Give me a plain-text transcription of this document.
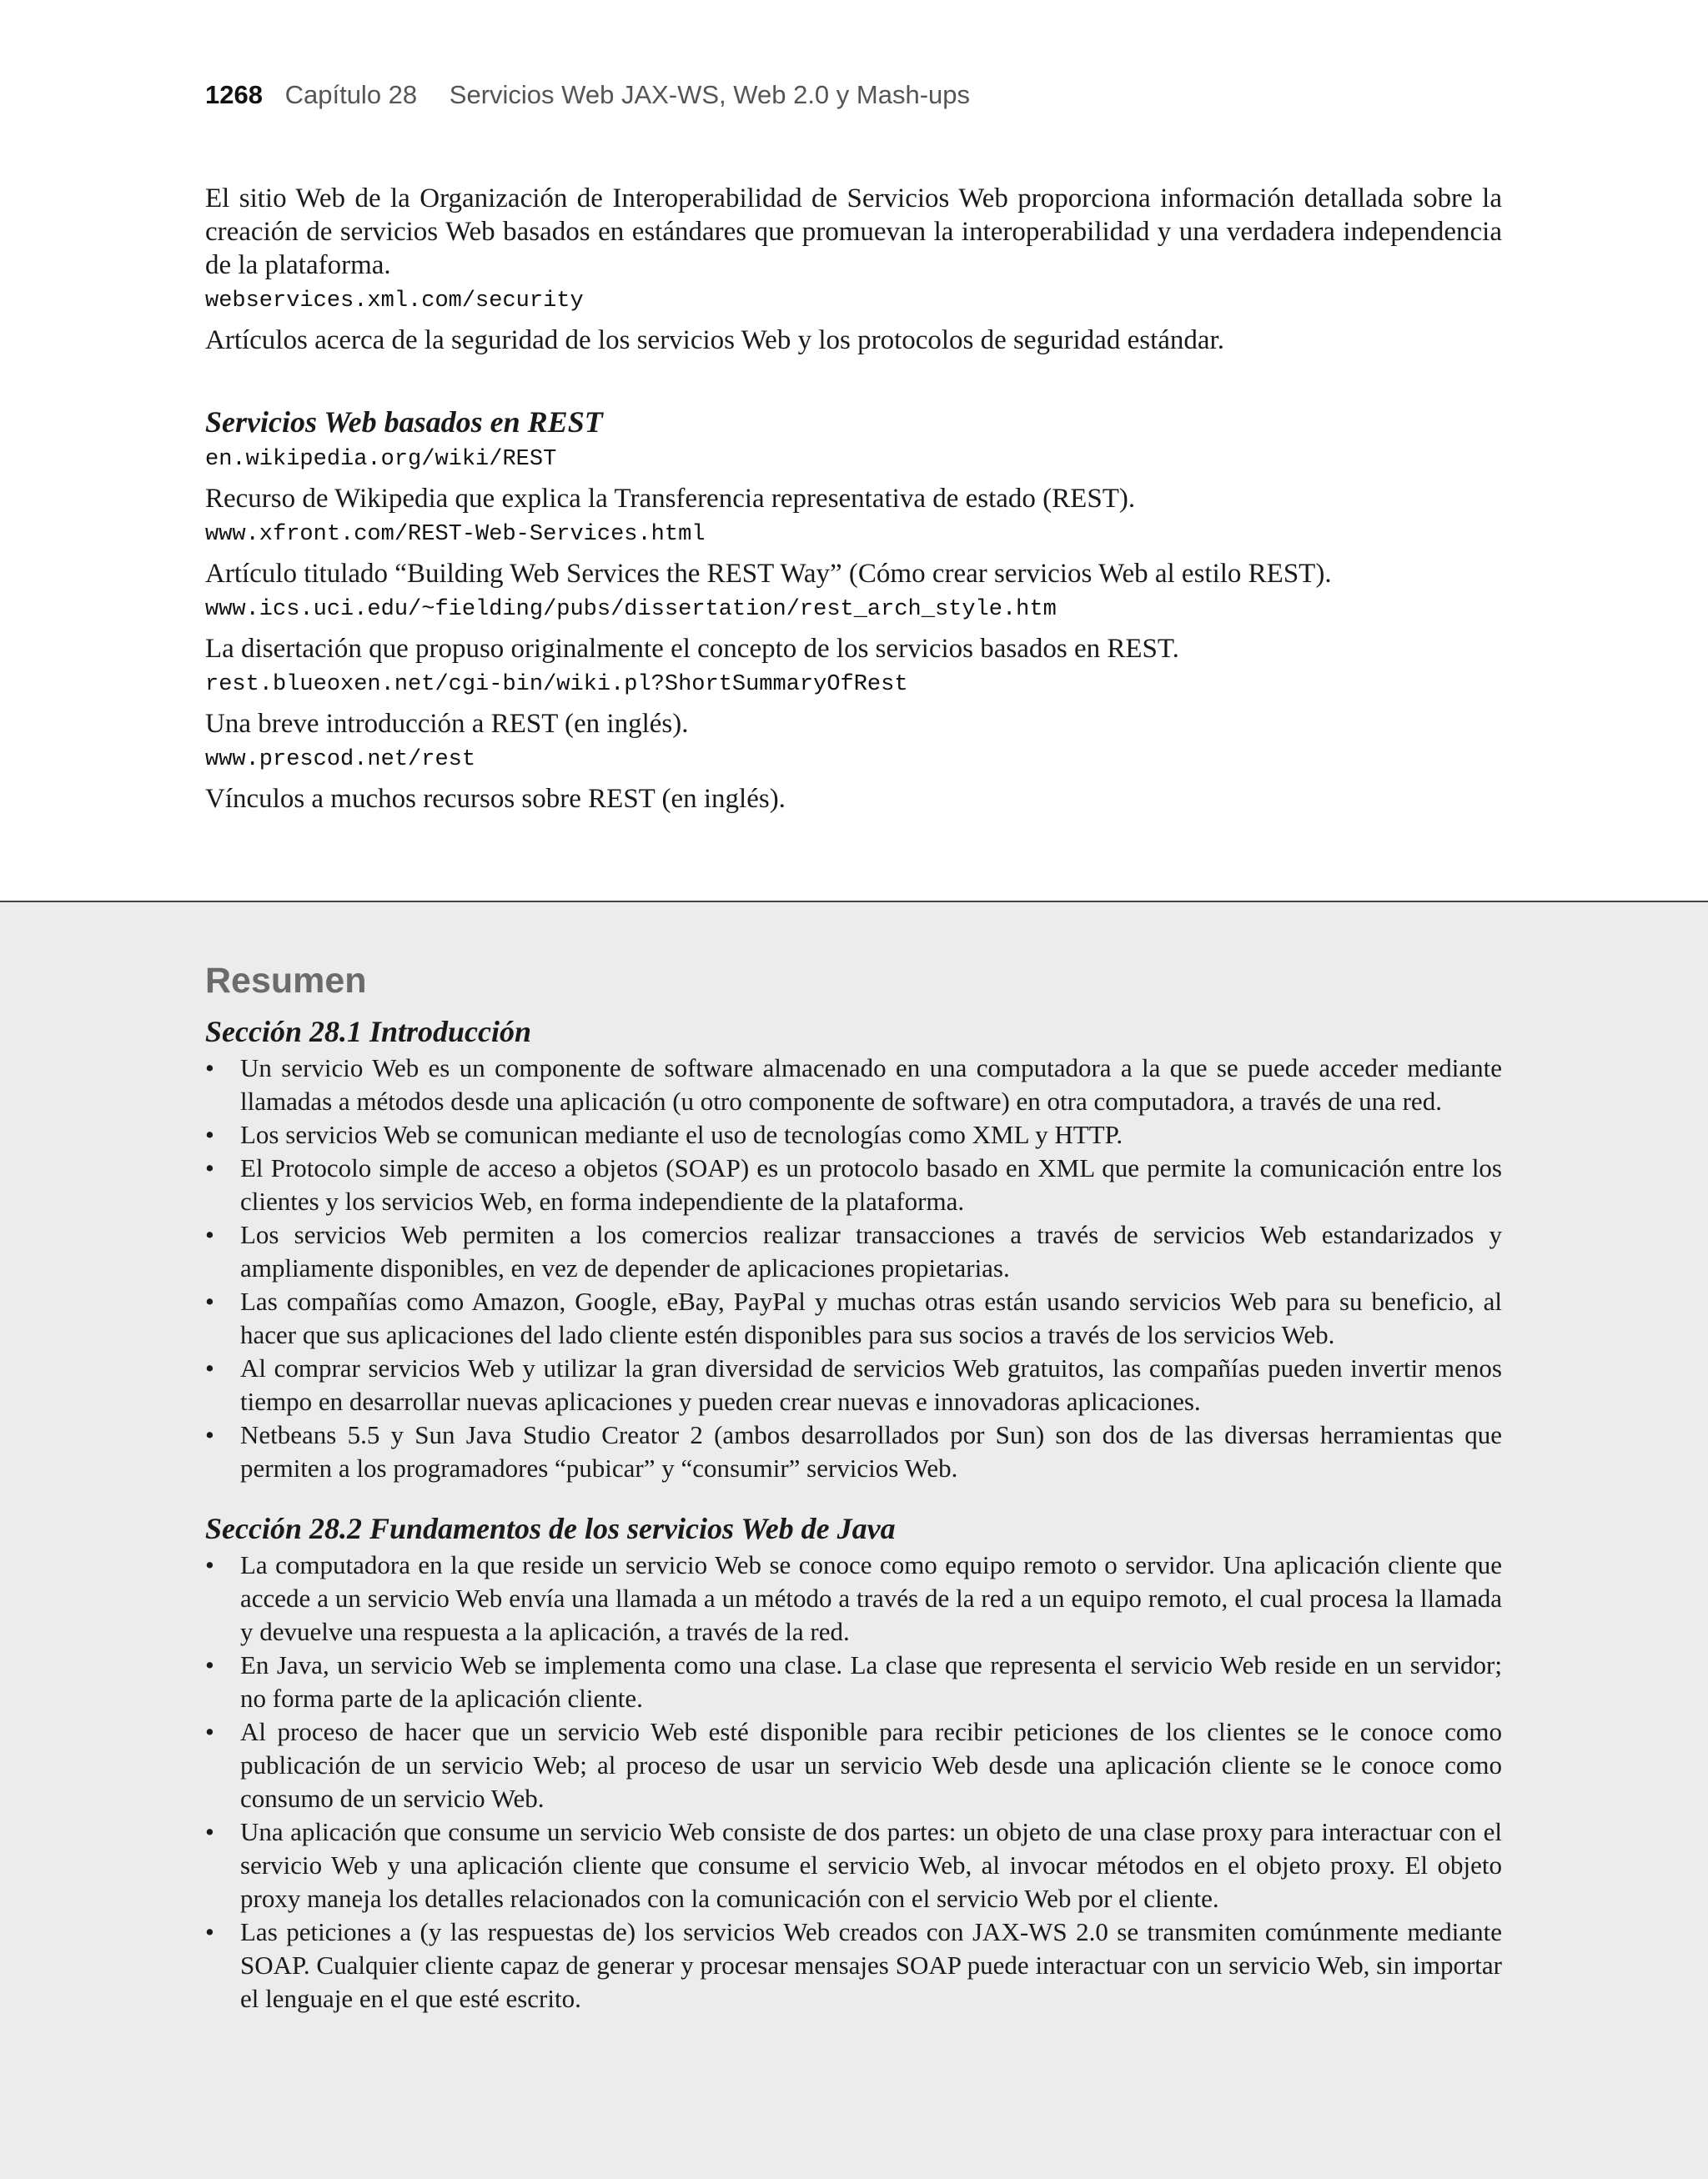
1268 Capítulo 28 Servicios Web JAX-WS, Web 2.0 y Mash-ups

El sitio Web de la Organización de Interoperabilidad de Servicios Web proporciona información detallada sobre la creación de servicios Web basados en estándares que promuevan la interoperabilidad y una verdadera independencia de la plataforma.

webservices.xml.com/security

Artículos acerca de la seguridad de los servicios Web y los protocolos de seguridad estándar.

Servicios Web basados en REST
en.wikipedia.org/wiki/REST

Recurso de Wikipedia que explica la Transferencia representativa de estado (REST).

www.xfront.com/REST-Web-Services.html

Artículo titulado “Building Web Services the REST Way” (Cómo crear servicios Web al estilo REST).

www.ics.uci.edu/~fielding/pubs/dissertation/rest_arch_style.htm

La disertación que propuso originalmente el concepto de los servicios basados en REST.

rest.blueoxen.net/cgi-bin/wiki.pl?ShortSummaryOfRest

Una breve introducción a REST (en inglés).

www.prescod.net/rest

Vínculos a muchos recursos sobre REST (en inglés).

Resumen
Sección 28.1 Introducción
• Un servicio Web es un componente de software almacenado en una computadora a la que se puede acceder mediante llamadas a métodos desde una aplicación (u otro componente de software) en otra computadora, a través de una red.
• Los servicios Web se comunican mediante el uso de tecnologías como XML y HTTP.
• El Protocolo simple de acceso a objetos (SOAP) es un protocolo basado en XML que permite la comunicación entre los clientes y los servicios Web, en forma independiente de la plataforma.
• Los servicios Web permiten a los comercios realizar transacciones a través de servicios Web estandarizados y ampliamente disponibles, en vez de depender de aplicaciones propietarias.
• Las compañías como Amazon, Google, eBay, PayPal y muchas otras están usando servicios Web para su beneficio, al hacer que sus aplicaciones del lado cliente estén disponibles para sus socios a través de los servicios Web.
• Al comprar servicios Web y utilizar la gran diversidad de servicios Web gratuitos, las compañías pueden invertir menos tiempo en desarrollar nuevas aplicaciones y pueden crear nuevas e innovadoras aplicaciones.
• Netbeans 5.5 y Sun Java Studio Creator 2 (ambos desarrollados por Sun) son dos de las diversas herramientas que permiten a los programadores “pubicar” y “consumir” servicios Web.
Sección 28.2 Fundamentos de los servicios Web de Java
• La computadora en la que reside un servicio Web se conoce como equipo remoto o servidor. Una aplicación cliente que accede a un servicio Web envía una llamada a un método a través de la red a un equipo remoto, el cual procesa la llamada y devuelve una respuesta a la aplicación, a través de la red.
• En Java, un servicio Web se implementa como una clase. La clase que representa el servicio Web reside en un servidor; no forma parte de la aplicación cliente.
• Al proceso de hacer que un servicio Web esté disponible para recibir peticiones de los clientes se le conoce como publicación de un servicio Web; al proceso de usar un servicio Web desde una aplicación cliente se le conoce como consumo de un servicio Web.
• Una aplicación que consume un servicio Web consiste de dos partes: un objeto de una clase proxy para interactuar con el servicio Web y una aplicación cliente que consume el servicio Web, al invocar métodos en el objeto proxy. El objeto proxy maneja los detalles relacionados con la comunicación con el servicio Web por el cliente.
• Las peticiones a (y las respuestas de) los servicios Web creados con JAX-WS 2.0 se transmiten comúnmente mediante SOAP. Cualquier cliente capaz de generar y procesar mensajes SOAP puede interactuar con un servicio Web, sin importar el lenguaje en el que esté escrito.
